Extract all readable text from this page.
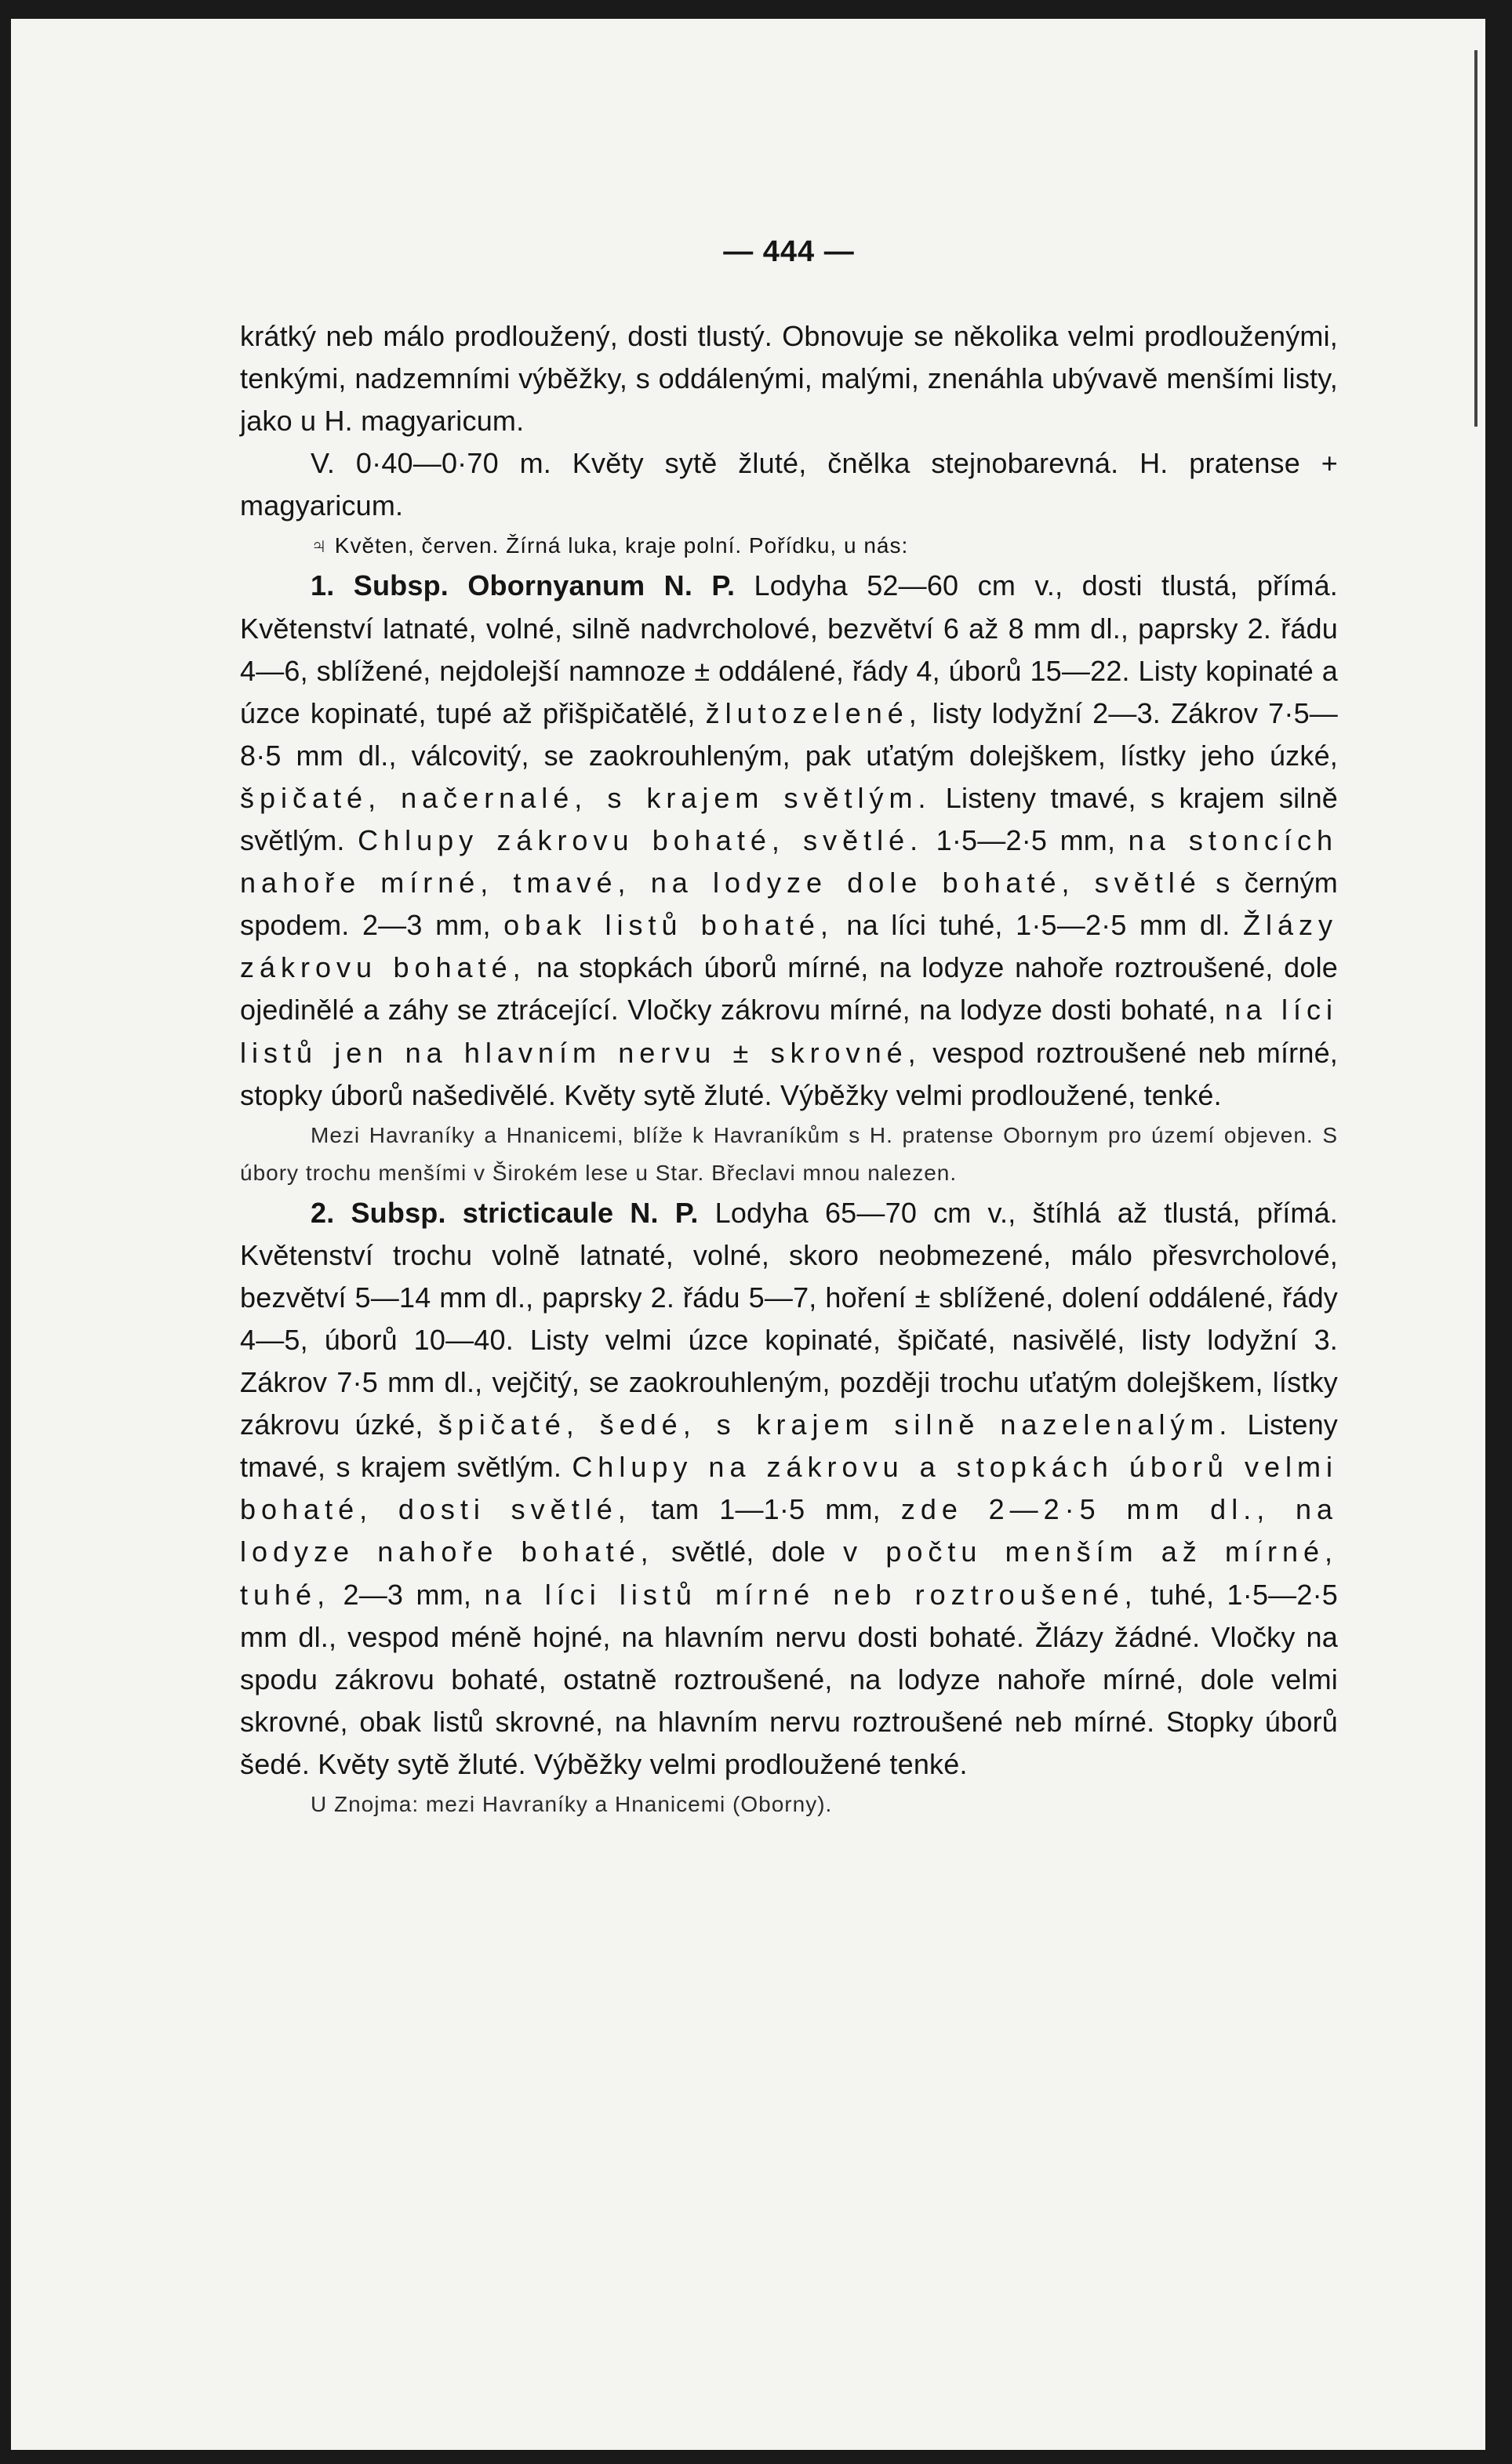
— 444 —

krátký neb málo prodloužený, dosti tlustý. Obnovuje se několika velmi prodlouženými, tenkými, nadzemními výběžky, s oddálenými, malými, znenáhla ubývavě menšími listy, jako u H. magyaricum.

V. 0·40—0·70 m. Květy sytě žluté, čnělka stejnobarevná. H. pratense + magyaricum.

♃ Květen, červen. Žírná luka, kraje polní. Pořídku, u nás:

1. Subsp. Obornyanum N. P. Lodyha 52—60 cm v., dosti tlustá, přímá. Květenství latnaté, volné, silně nadvrcholové, bezvětví 6 až 8 mm dl., paprsky 2. řádu 4—6, sblížené, nejdolejší namnoze ± oddálené, řády 4, úborů 15—22. Listy kopinaté a úzce kopinaté, tupé až přišpičatělé, žlutozelené, listy lodyžní 2—3. Zákrov 7·5—8·5 mm dl., válcovitý, se zaokrouhleným, pak uťatým dolejškem, lístky jeho úzké, špičaté, načernalé, s krajem světlým. Listeny tmavé, s krajem silně světlým. Chlupy zákrovu bohaté, světlé. 1·5—2·5 mm, na stoncích nahoře mírné, tmavé, na lodyze dole bohaté, světlé s černým spodem. 2—3 mm, obak listů bohaté, na líci tuhé, 1·5—2·5 mm dl. Žlázy zákrovu bohaté, na stopkách úborů mírné, na lodyze nahoře roztroušené, dole ojedinělé a záhy se ztrácející. Vločky zákrovu mírné, na lodyze dosti bohaté, na líci listů jen na hlavním nervu ± skrovné, vespod roztroušené neb mírné, stopky úborů našedivělé. Květy sytě žluté. Výběžky velmi prodloužené, tenké.

Mezi Havraníky a Hnanicemi, blíže k Havraníkům s H. pratense Obornym pro území objeven. S úbory trochu menšími v Širokém lese u Star. Břeclavi mnou nalezen.

2. Subsp. stricticaule N. P. Lodyha 65—70 cm v., štíhlá až tlustá, přímá. Květenství trochu volně latnaté, volné, skoro neobmezené, málo přesvrcholové, bezvětví 5—14 mm dl., paprsky 2. řádu 5—7, hoření ± sblížené, dolení oddálené, řády 4—5, úborů 10—40. Listy velmi úzce kopinaté, špičaté, nasivělé, listy lodyžní 3. Zákrov 7·5 mm dl., vejčitý, se zaokrouhleným, později trochu uťatým dolejškem, lístky zákrovu úzké, špičaté, šedé, s krajem silně nazelenalým. Listeny tmavé, s krajem světlým. Chlupy na zákrovu a stopkách úborů velmi bohaté, dosti světlé, tam 1—1·5 mm, zde 2—2·5 mm dl., na lodyze nahoře bohaté, světlé, dole v počtu menším až mírné, tuhé, 2—3 mm, na líci listů mírné neb roztroušené, tuhé, 1·5—2·5 mm dl., vespod méně hojné, na hlavním nervu dosti bohaté. Žlázy žádné. Vločky na spodu zákrovu bohaté, ostatně roztroušené, na lodyze nahoře mírné, dole velmi skrovné, obak listů skrovné, na hlavním nervu roztroušené neb mírné. Stopky úborů šedé. Květy sytě žluté. Výběžky velmi prodloužené tenké.

U Znojma: mezi Havraníky a Hnanicemi (Oborny).
